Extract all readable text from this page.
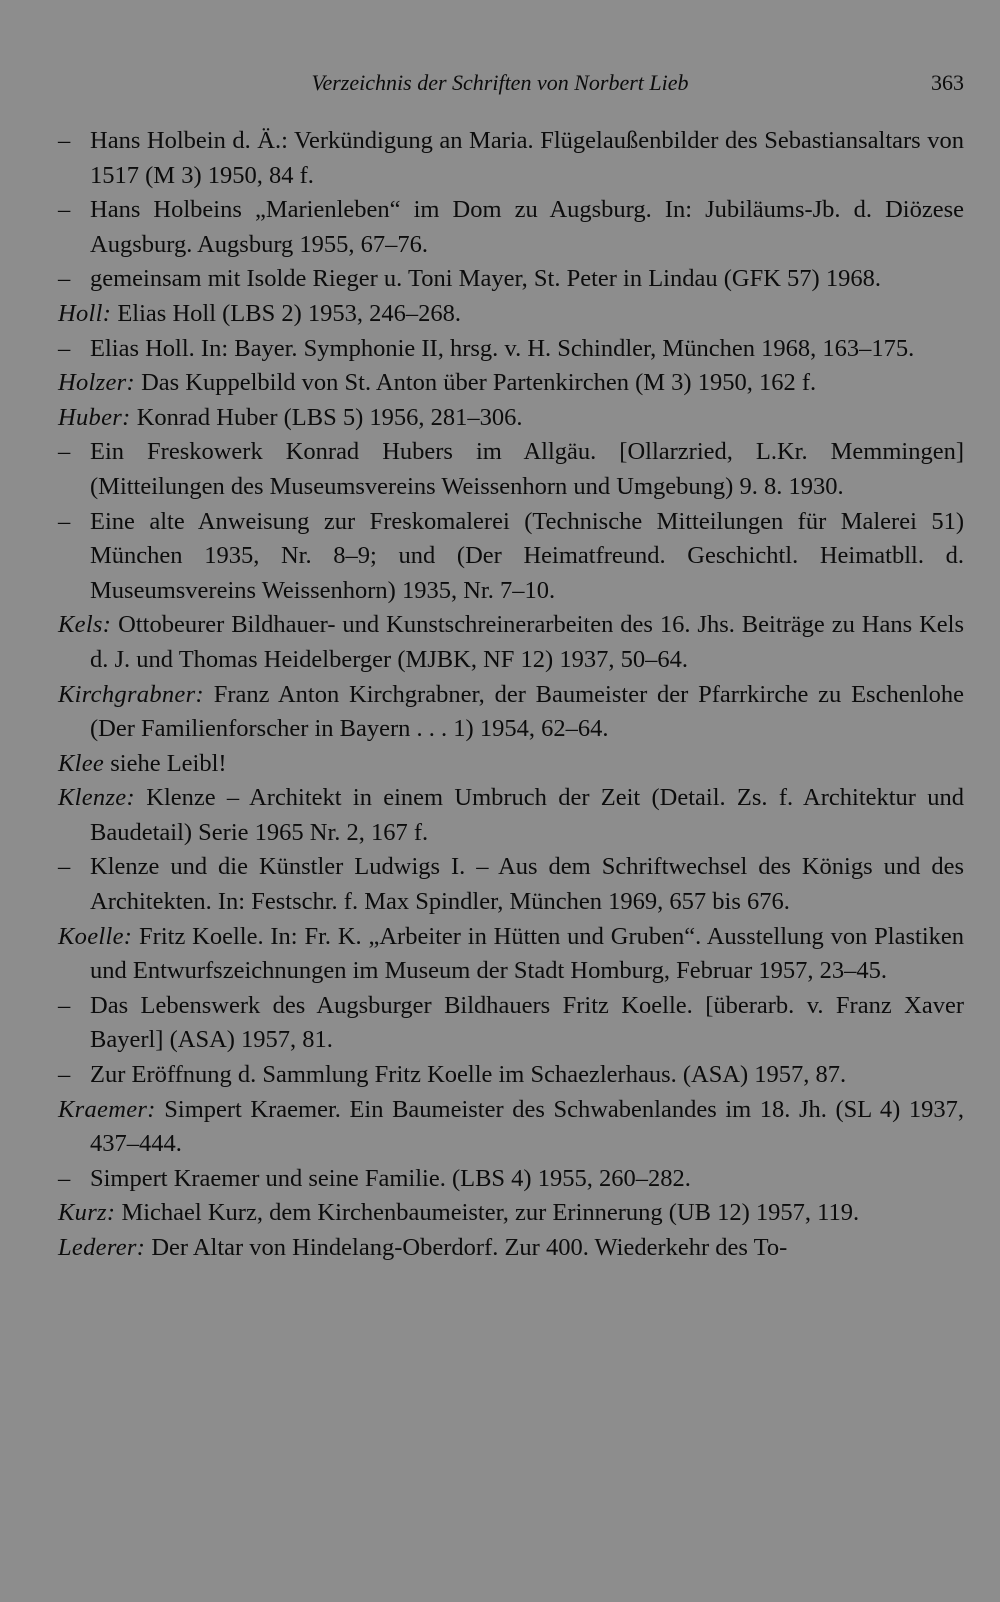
Verzeichnis der Schriften von Norbert Lieb	363
– Hans Holbein d. Ä.: Verkündigung an Maria. Flügelaußenbilder des Sebastiansaltars von 1517 (M 3) 1950, 84 f.
– Hans Holbeins „Marienleben“ im Dom zu Augsburg. In: Jubiläums-Jb. d. Diözese Augsburg. Augsburg 1955, 67–76.
– gemeinsam mit Isolde Rieger u. Toni Mayer, St. Peter in Lindau (GFK 57) 1968.
Holl: Elias Holl (LBS 2) 1953, 246–268.
– Elias Holl. In: Bayer. Symphonie II, hrsg. v. H. Schindler, München 1968, 163–175.
Holzer: Das Kuppelbild von St. Anton über Partenkirchen (M 3) 1950, 162 f.
Huber: Konrad Huber (LBS 5) 1956, 281–306.
– Ein Freskowerk Konrad Hubers im Allgäu. [Ollarzried, L.Kr. Memmingen] (Mitteilungen des Museumsvereins Weissenhorn und Umgebung) 9. 8. 1930.
– Eine alte Anweisung zur Freskomalerei (Technische Mitteilungen für Malerei 51) München 1935, Nr. 8–9; und (Der Heimatfreund. Geschichtl. Heimatbll. d. Museumsvereins Weissenhorn) 1935, Nr. 7–10.
Kels: Ottobeurer Bildhauer- und Kunstschreinerarbeiten des 16. Jhs. Beiträge zu Hans Kels d. J. und Thomas Heidelberger (MJBK, NF 12) 1937, 50–64.
Kirchgrabner: Franz Anton Kirchgrabner, der Baumeister der Pfarrkirche zu Eschenlohe (Der Familienforscher in Bayern . . . 1) 1954, 62–64.
Klee siehe Leibl!
Klenze: Klenze – Architekt in einem Umbruch der Zeit (Detail. Zs. f. Architektur und Baudetail) Serie 1965 Nr. 2, 167 f.
– Klenze und die Künstler Ludwigs I. – Aus dem Schriftwechsel des Königs und des Architekten. In: Festschr. f. Max Spindler, München 1969, 657 bis 676.
Koelle: Fritz Koelle. In: Fr. K. „Arbeiter in Hütten und Gruben“. Ausstellung von Plastiken und Entwurfszeichnungen im Museum der Stadt Homburg, Februar 1957, 23–45.
– Das Lebenswerk des Augsburger Bildhauers Fritz Koelle. [überarb. v. Franz Xaver Bayerl] (ASA) 1957, 81.
– Zur Eröffnung d. Sammlung Fritz Koelle im Schaezlerhaus. (ASA) 1957, 87.
Kraemer: Simpert Kraemer. Ein Baumeister des Schwabenlandes im 18. Jh. (SL 4) 1937, 437–444.
– Simpert Kraemer und seine Familie. (LBS 4) 1955, 260–282.
Kurz: Michael Kurz, dem Kirchenbaumeister, zur Erinnerung (UB 12) 1957, 119.
Lederer: Der Altar von Hindelang-Oberdorf. Zur 400. Wiederkehr des To-
